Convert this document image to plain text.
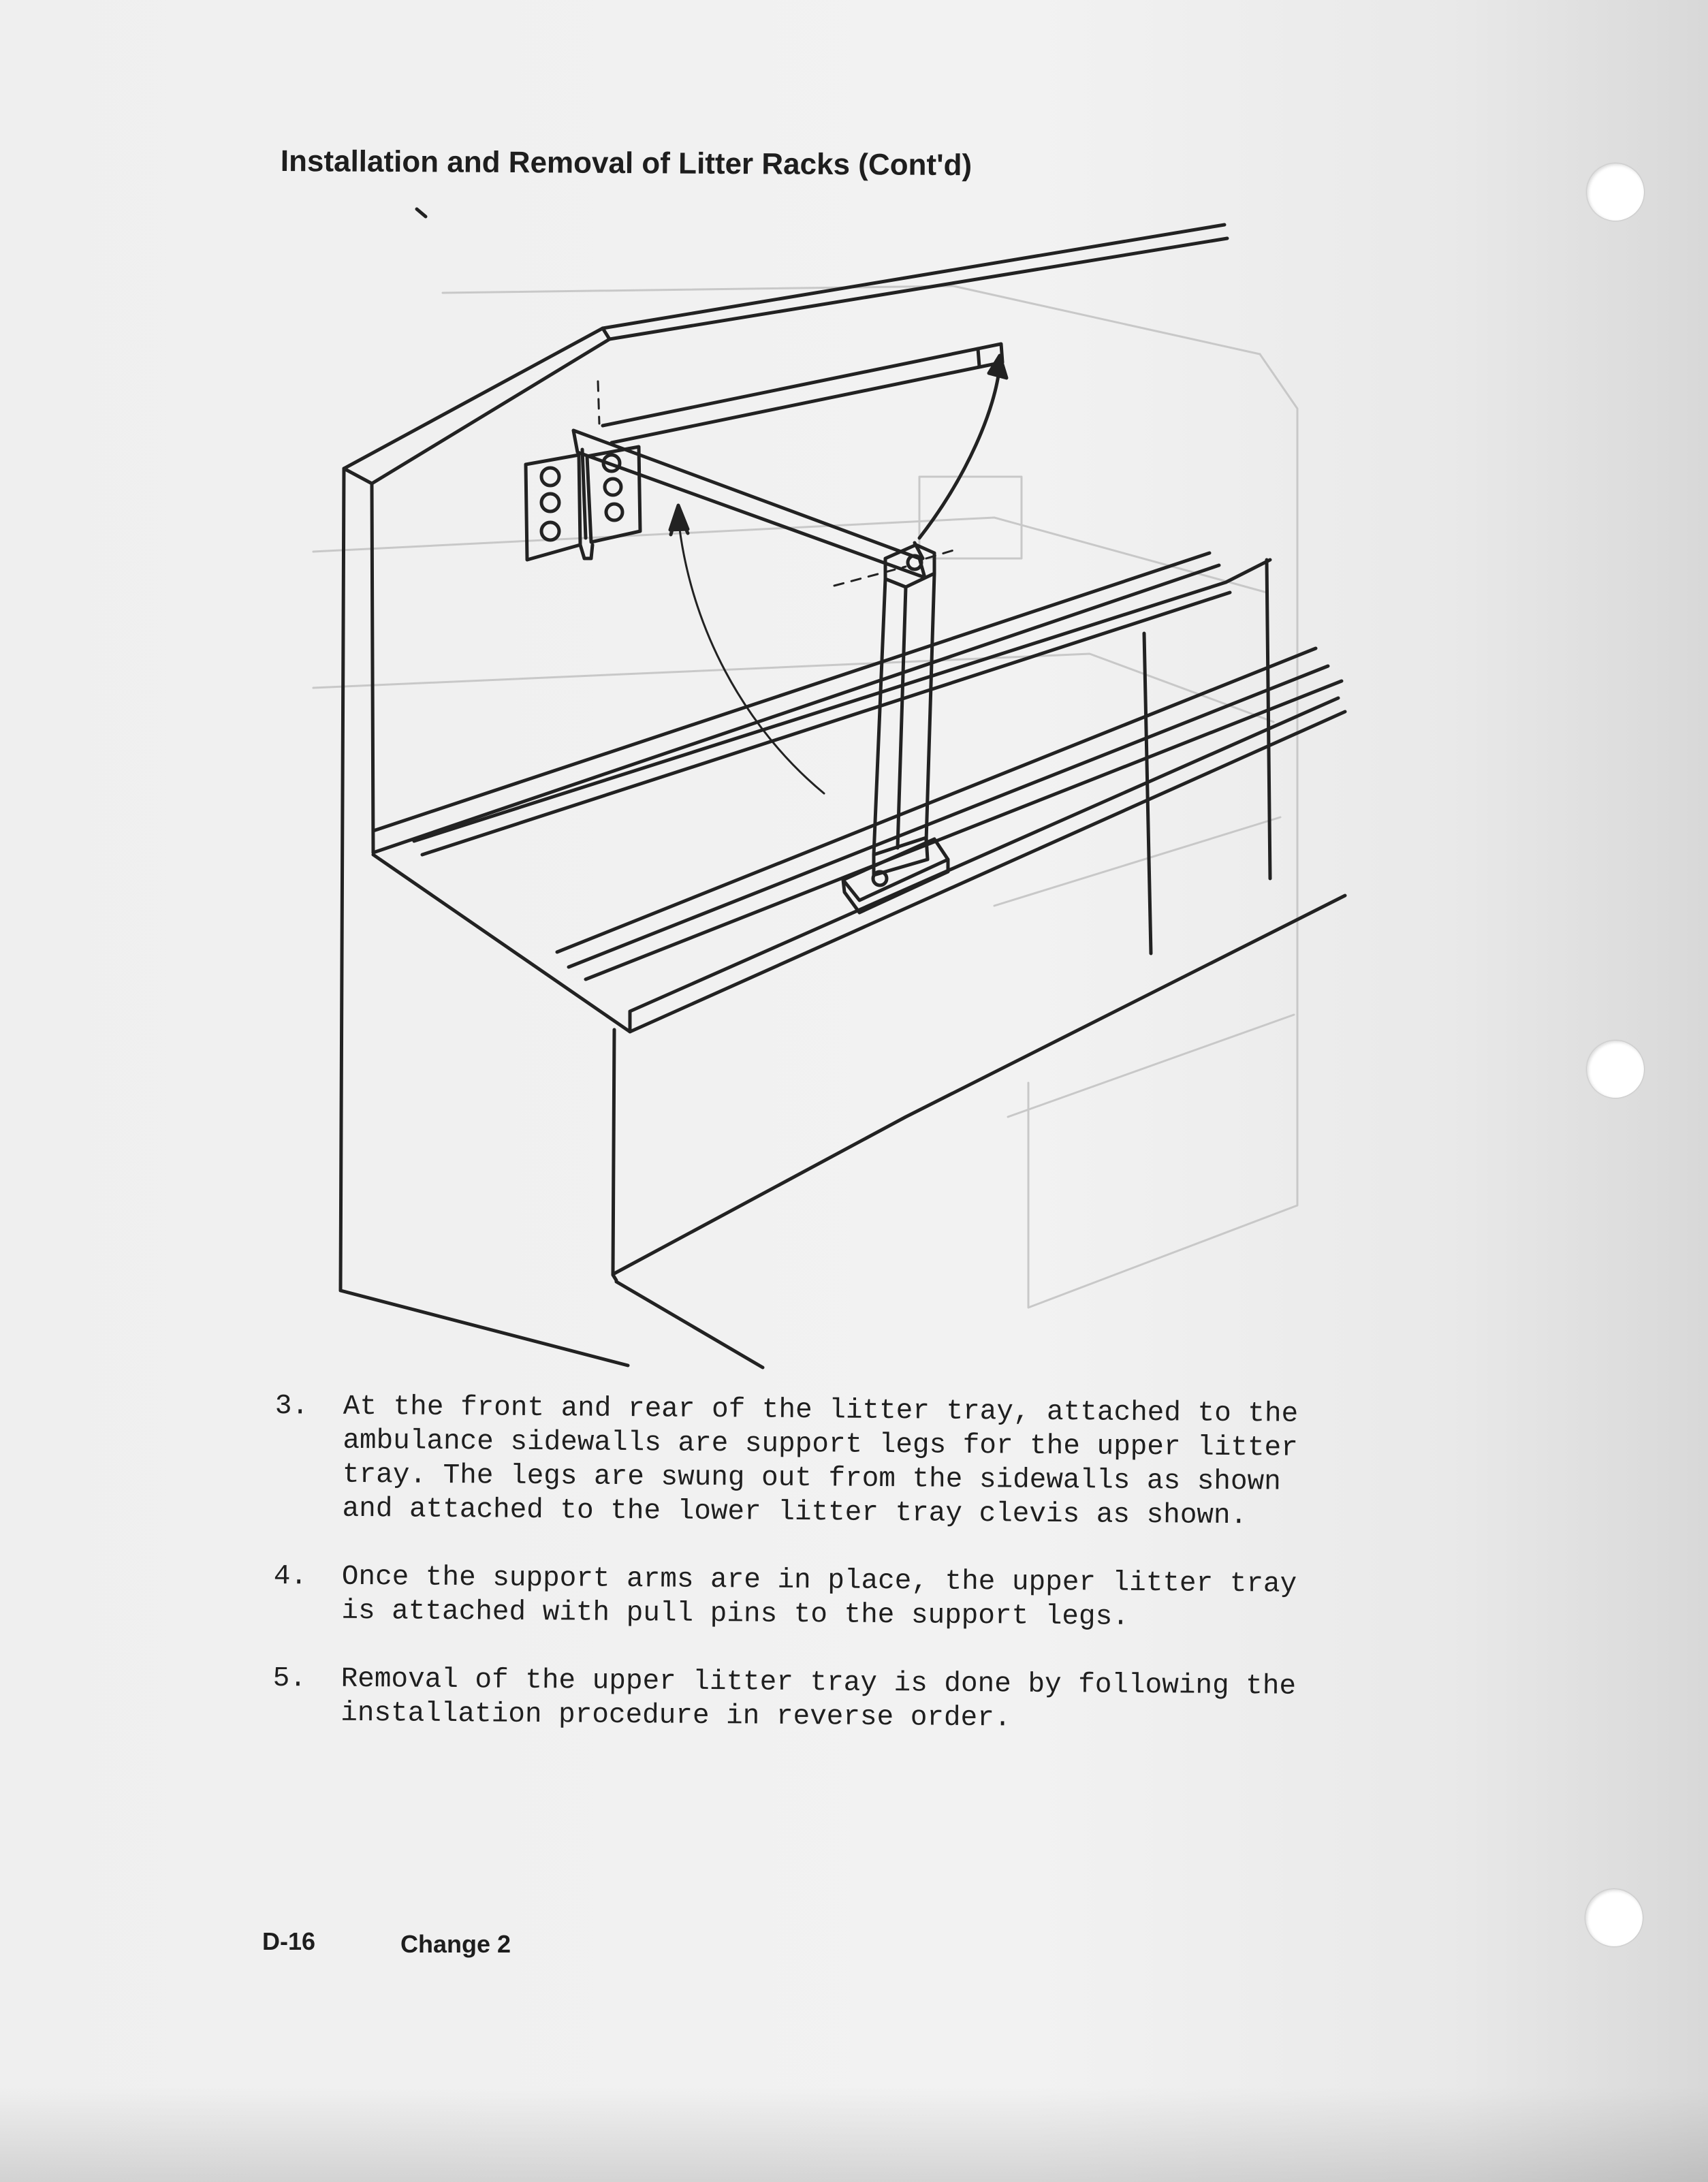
Installation and Removal of Litter Racks (Cont'd)
3.	At the front and rear of the litter tray, attached to the
ambulance sidewalls are support legs for the upper litter
tray. The legs are swung out from the sidewalls as shown
and attached to the lower litter tray clevis as shown.
4.	Once the support arms are in place, the upper litter tray
is attached with pull pins to the support legs.
5.	Removal of the upper litter tray is done by following the
installation procedure in reverse order.
D-16	Change 2
